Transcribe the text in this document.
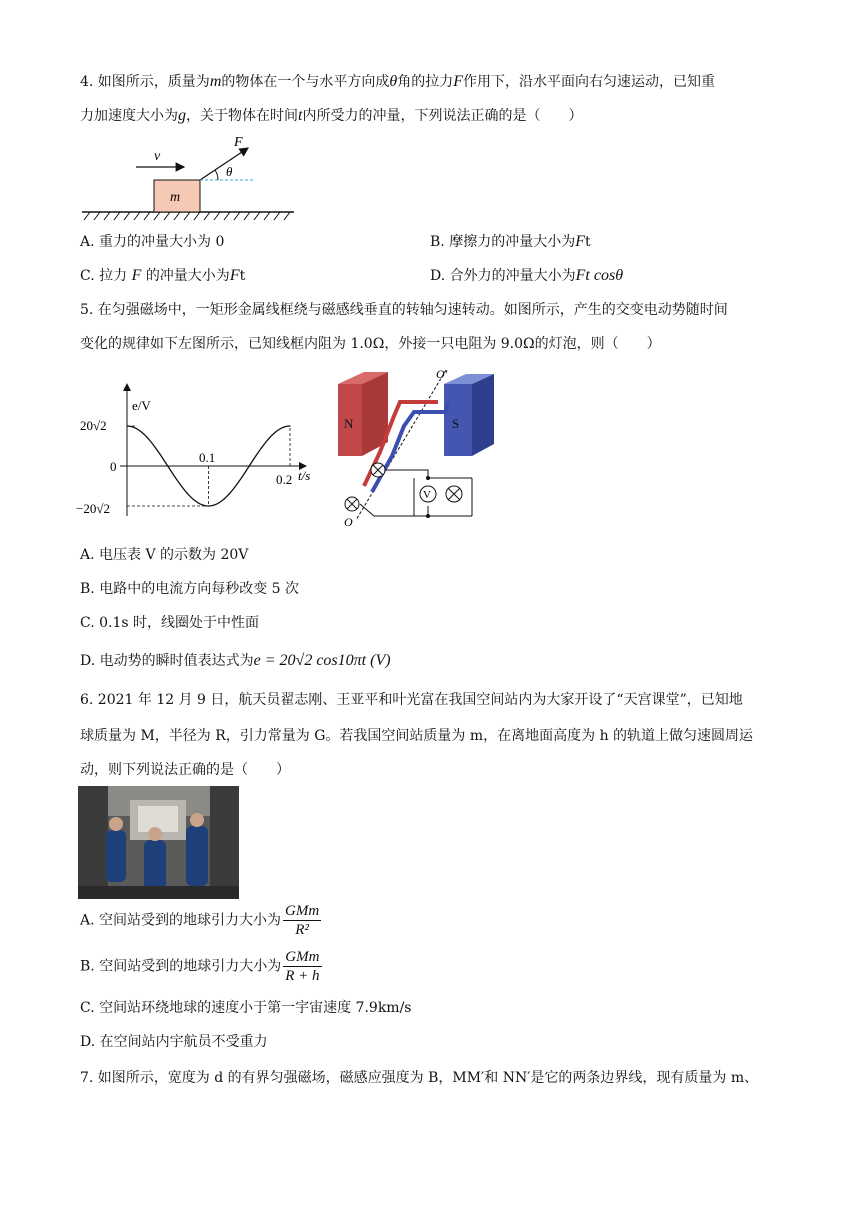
4. 如图所示，质量为m的物体在一个与水平方向成θ角的拉力F作用下，沿水平面向右匀速运动，已知重
力加速度大小为g，关于物体在时间t内所受力的冲量，下列说法正确的是（　　）
m
v
F
θ
A. 重力的冲量大小为 0	B. 摩擦力的冲量大小为Ft
C. 拉力 F 的冲量大小为Ft	D. 合外力的冲量大小为Ft cosθ
5. 在匀强磁场中，一矩形金属线框绕与磁感线垂直的转轴匀速转动。如图所示，产生的交变电动势随时间
变化的规律如下左图所示，已知线框内阻为 1.0Ω，外接一只电阻为 9.0Ω的灯泡，则（　　）
e/V
t/s
20√2
0
−20√2
0.1
0.2
N	S
O′
O
V
A. 电压表 V 的示数为 20V
B. 电路中的电流方向每秒改变 5 次
C. 0.1s 时，线圈处于中性面
D. 电动势的瞬时值表达式为e = 20√2 cos10πt (V)
6. 2021 年 12 月 9 日，航天员翟志刚、王亚平和叶光富在我国空间站内为大家开设了“天宫课堂”，已知地
球质量为 M，半径为 R，引力常量为 G。若我国空间站质量为 m，在离地面高度为 h 的轨道上做匀速圆周运
动，则下列说法正确的是（　　）
A. 空间站受到的地球引力大小为 $\frac{\text{GMm}}{\text{R²}}$
B. 空间站受到的地球引力大小为 $\frac{\text{GMm}}{R + h}$
C. 空间站环绕地球的速度小于第一宇宙速度 7.9km/s
D. 在空间站内宇航员不受重力
7. 如图所示，宽度为 d 的有界匀强磁场，磁感应强度为 B，MM′和 NN′是它的两条边界线，现有质量为 m、
